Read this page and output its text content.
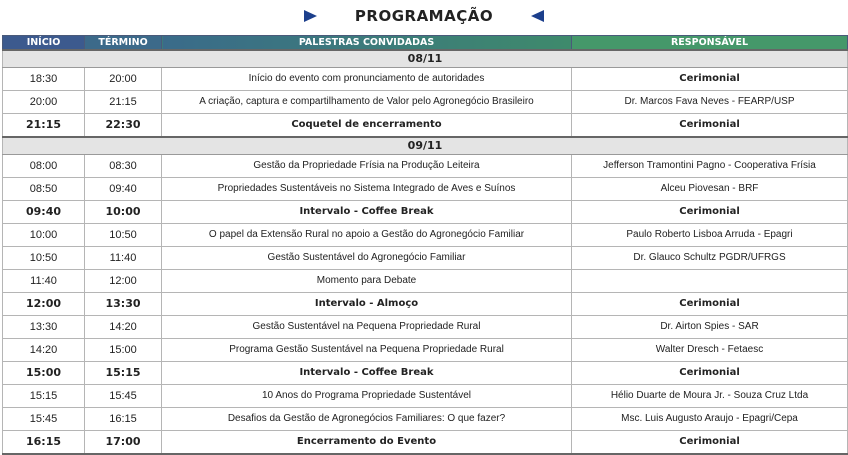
PROGRAMAÇÃO
INÍCIO	TÉRMINO	PALESTRAS CONVIDADAS	RESPONSÁVEL
08/11			
18:30	20:00	Início do evento com pronunciamento de autoridades	Cerimonial
20:00	21:15	A criação, captura e compartilhamento de Valor pelo Agronegócio Brasileiro	Dr. Marcos Fava Neves - FEARP/USP
21:15	22:30	Coquetel de encerramento	Cerimonial
09/11			
08:00	08:30	Gestão da Propriedade Frísia na Produção Leiteira	Jefferson Tramontini Pagno - Cooperativa Frísia
08:50	09:40	Propriedades Sustentáveis no Sistema Integrado de Aves e Suínos	Alceu Piovesan - BRF
09:40	10:00	Intervalo - Coffee Break	Cerimonial
10:00	10:50	O papel da Extensão Rural no apoio a Gestão do Agronegócio Familiar	Paulo Roberto Lisboa Arruda - Epagri
10:50	11:40	Gestão Sustentável do Agronegócio Familiar	Dr. Glauco Schultz PGDR/UFRGS
11:40	12:00	Momento para Debate	
12:00	13:30	Intervalo - Almoço	Cerimonial
13:30	14:20	Gestão Sustentável na Pequena Propriedade Rural	Dr. Airton Spies - SAR
14:20	15:00	Programa Gestão Sustentável na Pequena Propriedade Rural	Walter Dresch - Fetaesc
15:00	15:15	Intervalo - Coffee Break	Cerimonial
15:15	15:45	10 Anos do Programa Propriedade Sustentável	Hélio Duarte de Moura Jr. - Souza Cruz Ltda
15:45	16:15	Desafios da Gestão de Agronegócios Familiares: O que fazer?	Msc. Luis Augusto Araujo - Epagri/Cepa
16:15	17:00	Encerramento do Evento	Cerimonial
